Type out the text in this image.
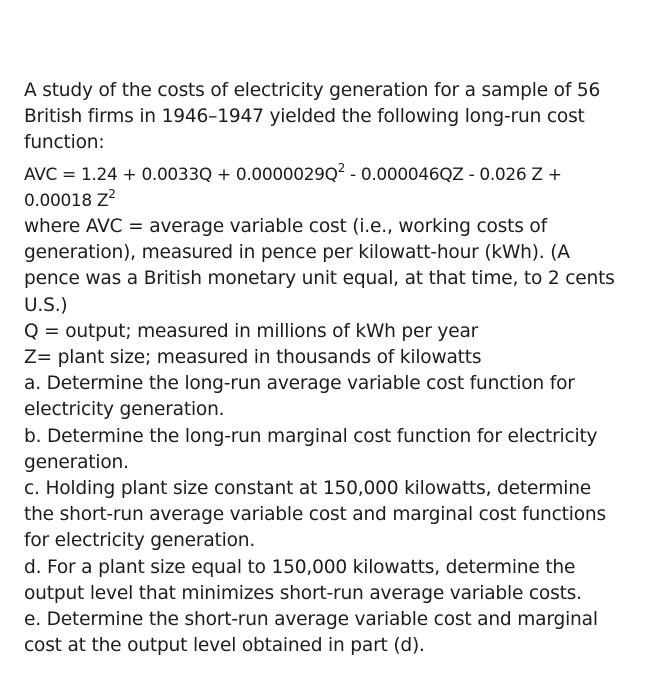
A study of the costs of electricity generation for a sample of 56
British firms in 1946–1947 yielded the following long-run cost
function:
AVC = $1.24 + 0.0033Q + 0.0000029Q^2 - 0.000046QZ - 0.026$ Z +
0.00018 $Z^2$
where AVC = average variable cost (i.e., working costs of
generation), measured in pence per kilowatt-hour (kWh). (A
pence was a British monetary unit equal, at that time, to 2 cents
U.S.)
Q = output; measured in millions of kWh per year
Z= plant size; measured in thousands of kilowatts
a. Determine the long-run average variable cost function for
electricity generation.
b. Determine the long-run marginal cost function for electricity
generation.
c. Holding plant size constant at 150,000 kilowatts, determine
the short-run average variable cost and marginal cost functions
for electricity generation.
d. For a plant size equal to 150,000 kilowatts, determine the
output level that minimizes short-run average variable costs.
e. Determine the short-run average variable cost and marginal
cost at the output level obtained in part (d).
